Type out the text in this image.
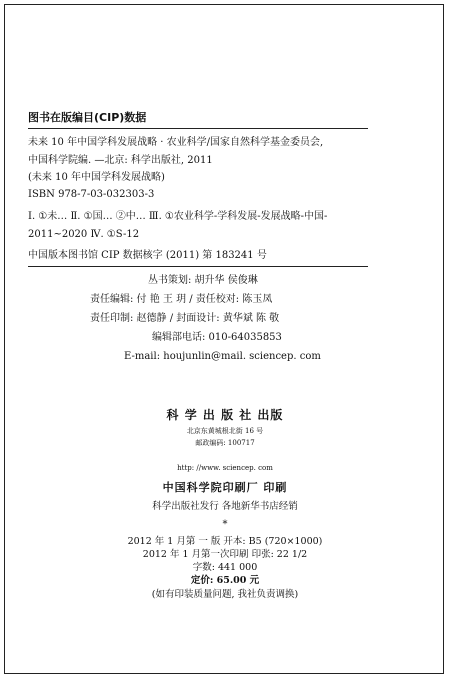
图书在版编目(CIP)数据
未来 10 年中国学科发展战略 · 农业科学/国家自然科学基金委员会,
中国科学院编. —北京: 科学出版社, 2011
(未来 10 年中国学科发展战略)
ISBN 978-7-03-032303-3
Ⅰ. ①未… Ⅱ. ①国… ②中… Ⅲ. ①农业科学-学科发展-发展战略-中国-
2011~2020 Ⅳ. ①S-12
中国版本图书馆 CIP 数据核字 (2011) 第 183241 号
丛书策划: 胡升华 侯俊琳
责任编辑: 付 艳 王 玥 / 责任校对: 陈玉凤
责任印制: 赵德静 / 封面设计: 黄华斌 陈 敬
编辑部电话: 010-64035853
E-mail: houjunlin@mail. sciencep. com
科 学 出 版 社 出版
北京东黄城根北街 16 号
邮政编码: 100717
http: //www. sciencep. com
中国科学院印刷厂 印刷
科学出版社发行 各地新华书店经销
*
2012 年 1 月第 一 版 开本: B5 (720×1000)
2012 年 1 月第一次印刷 印张: 22 1/2
字数: 441 000
定价: 65.00 元
(如有印装质量问题, 我社负责调换)
